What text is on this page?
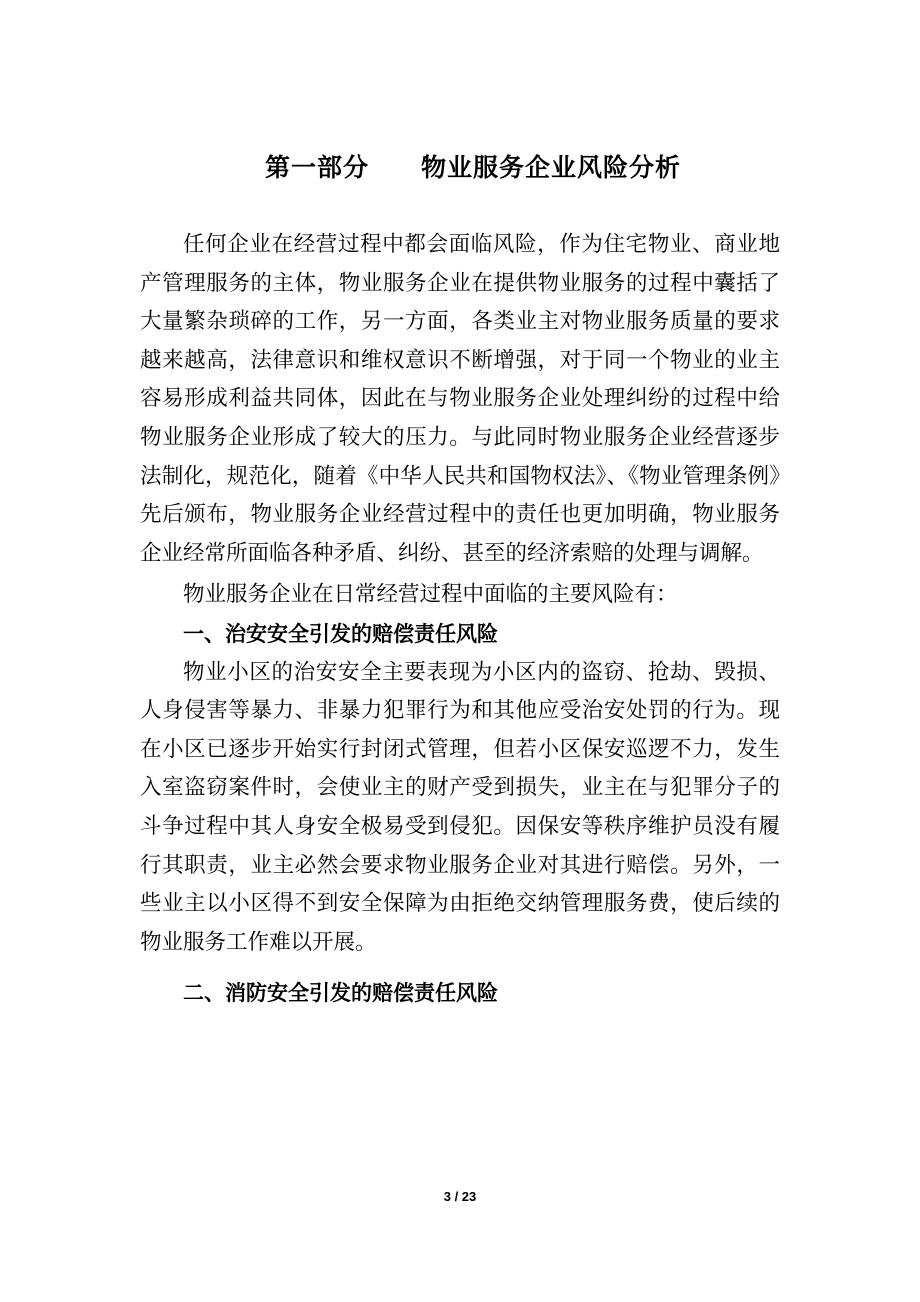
第一部分 物业服务企业风险分析

任何企业在经营过程中都会面临风险，作为住宅物业、商业地产管理服务的主体，物业服务企业在提供物业服务的过程中囊括了大量繁杂琐碎的工作，另一方面，各类业主对物业服务质量的要求越来越高，法律意识和维权意识不断增强，对于同一个物业的业主容易形成利益共同体，因此在与物业服务企业处理纠纷的过程中给物业服务企业形成了较大的压力。与此同时物业服务企业经营逐步法制化，规范化，随着《中华人民共和国物权法》、《物业管理条例》先后颁布，物业服务企业经营过程中的责任也更加明确，物业服务企业经常所面临各种矛盾、纠纷、甚至的经济索赔的处理与调解。

物业服务企业在日常经营过程中面临的主要风险有：

一、治安安全引发的赔偿责任风险

物业小区的治安安全主要表现为小区内的盗窃、抢劫、毁损、人身侵害等暴力、非暴力犯罪行为和其他应受治安处罚的行为。现在小区已逐步开始实行封闭式管理，但若小区保安巡逻不力，发生入室盗窃案件时，会使业主的财产受到损失，业主在与犯罪分子的斗争过程中其人身安全极易受到侵犯。因保安等秩序维护员没有履行其职责，业主必然会要求物业服务企业对其进行赔偿。另外，一些业主以小区得不到安全保障为由拒绝交纳管理服务费，使后续的物业服务工作难以开展。

二、消防安全引发的赔偿责任风险
3 / 23
